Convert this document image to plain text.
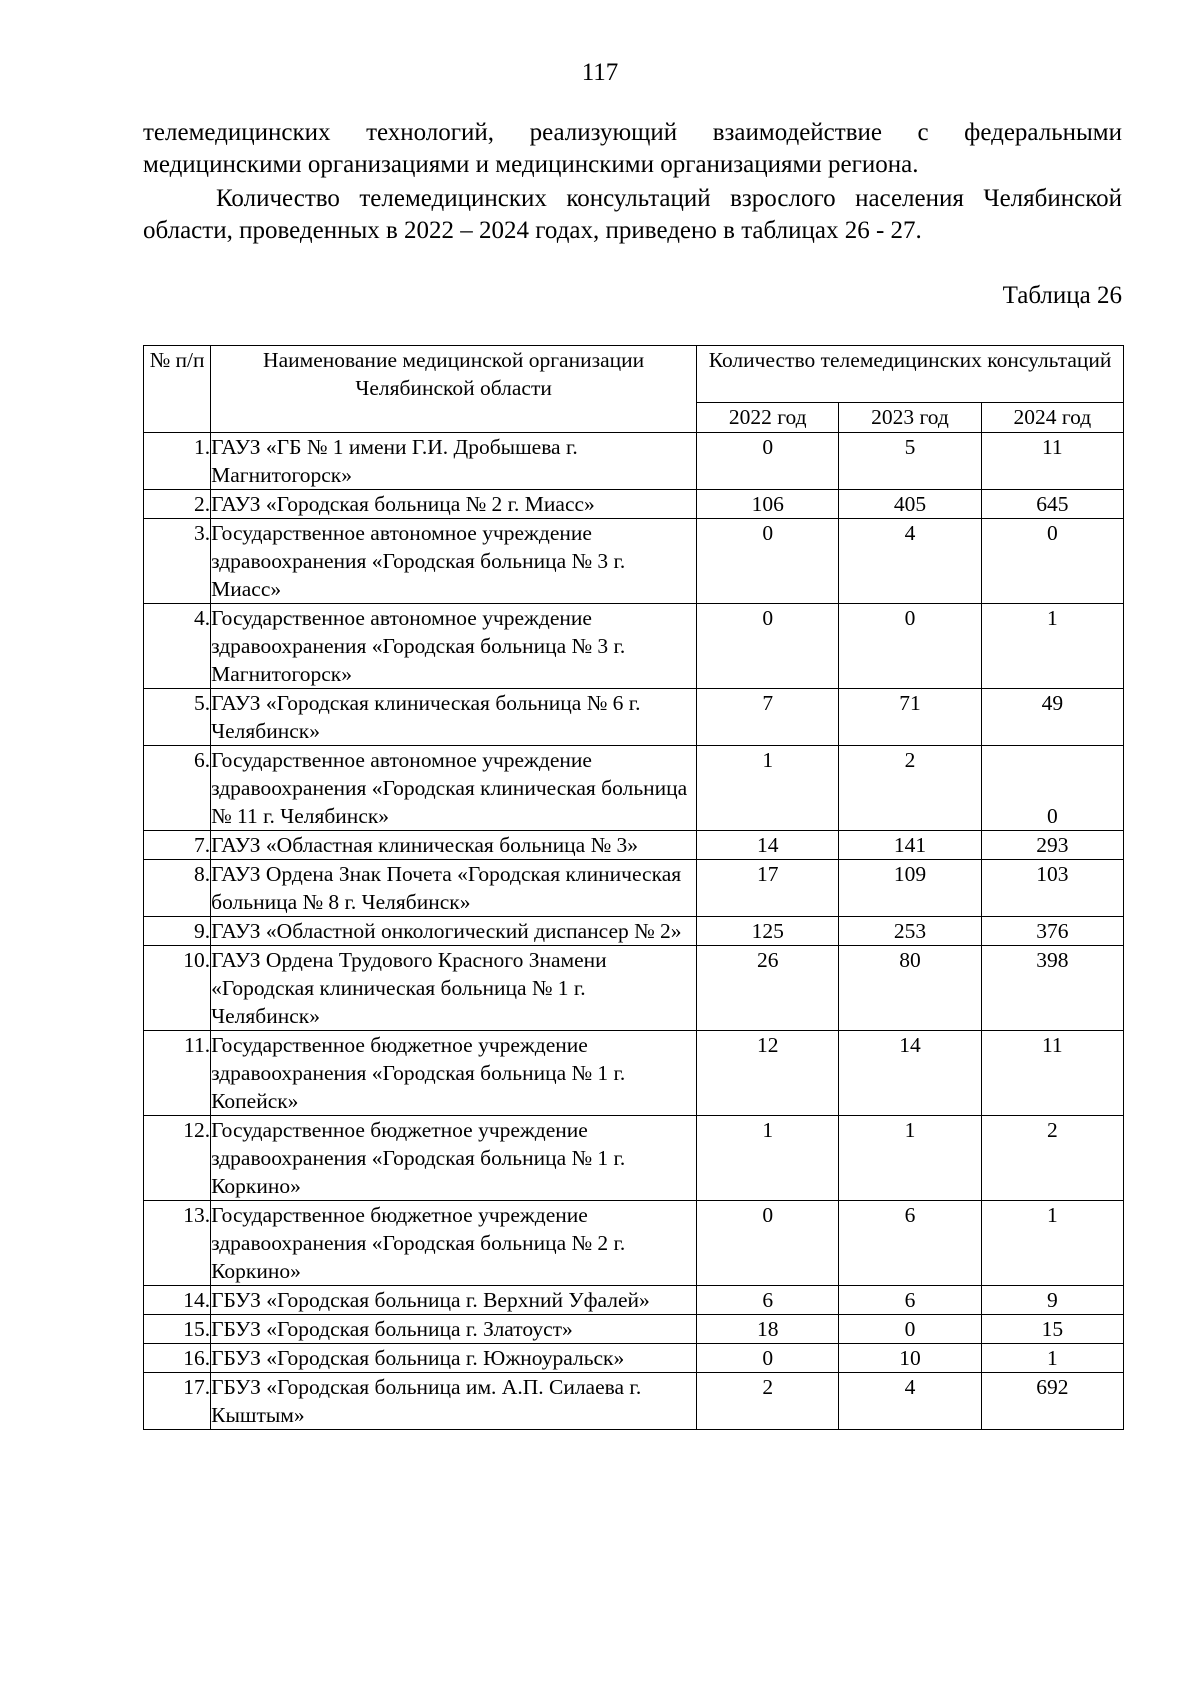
117

телемедицинских технологий, реализующий взаимодействие с федеральными медицинскими организациями и медицинскими организациями региона.

Количество телемедицинских консультаций взрослого населения Челябинской области, проведенных в 2022 – 2024 годах, приведено в таблицах 26 - 27.

Таблица 26
№ п/п	Наименование медицинской организации Челябинской области	Количество телемедицинских консультаций		
		2022 год	2023 год	2024 год
1.	ГАУЗ «ГБ № 1 имени Г.И. Дробышева г. Магнитогорск»	0	5	11
2.	ГАУЗ «Городская больница № 2 г. Миасс»	106	405	645
3.	Государственное автономное учреждение здравоохранения «Городская больница № 3 г. Миасс»	0	4	0
4.	Государственное автономное учреждение здравоохранения «Городская больница № 3 г. Магнитогорск»	0	0	1
5.	ГАУЗ «Городская клиническая больница № 6 г. Челябинск»	7	71	49
6.	Государственное автономное учреждение здравоохранения «Городская клиническая больница № 11 г. Челябинск»	1	2	0
7.	ГАУЗ «Областная клиническая больница № 3»	14	141	293
8.	ГАУЗ Ордена Знак Почета «Городская клиническая больница № 8 г. Челябинск»	17	109	103
9.	ГАУЗ «Областной онкологический диспансер № 2»	125	253	376
10.	ГАУЗ Ордена Трудового Красного Знамени «Городская клиническая больница № 1 г. Челябинск»	26	80	398
11.	Государственное бюджетное учреждение здравоохранения «Городская больница № 1 г. Копейск»	12	14	11
12.	Государственное бюджетное учреждение здравоохранения «Городская больница № 1 г. Коркино»	1	1	2
13.	Государственное бюджетное учреждение здравоохранения «Городская больница № 2 г. Коркино»	0	6	1
14.	ГБУЗ «Городская больница г. Верхний Уфалей»	6	6	9
15.	ГБУЗ «Городская больница г. Златоуст»	18	0	15
16.	ГБУЗ «Городская больница г. Южноуральск»	0	10	1
17.	ГБУЗ «Городская больница им. А.П. Силаева г. Кыштым»	2	4	692
